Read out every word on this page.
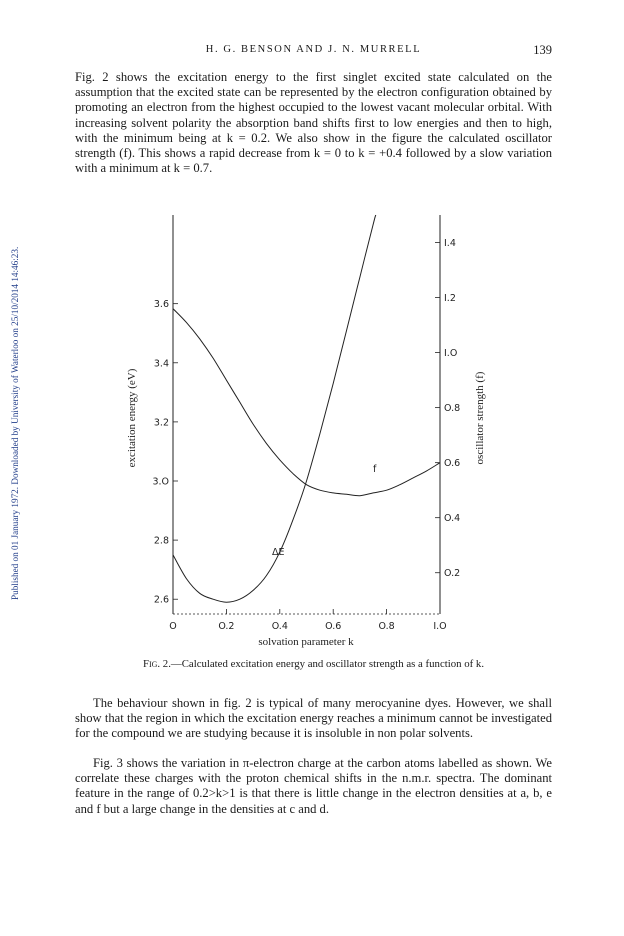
Published on 01 January 1972. Downloaded by University of Waterloo on 25/10/2014 14:46:23.
H. G. BENSON AND J. N. MURRELL	139

Fig. 2 shows the excitation energy to the first singlet excited state calculated on the assumption that the excited state can be represented by the electron configuration obtained by promoting an electron from the highest occupied to the lowest vacant molecular orbital. With increasing solvent polarity the absorption band shifts first to low energies and then to high, with the minimum being at k = 0.2. We also show in the figure the calculated oscillator strength (f). This shows a rapid decrease from k = 0 to k = +0.4 followed by a slow variation with a minimum at k = 0.7.

O	O.2	O.4	O.6	O.8	I.O
2.6
2.8
3.O
3.2
3.4
3.6
O.2
O.4
O.6
O.8
I.O
I.2
I.4
ΔE
f
solvation parameter k
excitation energy (eV)	oscillator strength (f)
Fig. 2.—Calculated excitation energy and oscillator strength as a function of k.

The behaviour shown in fig. 2 is typical of many merocyanine dyes. However, we shall show that the region in which the excitation energy reaches a minimum cannot be investigated for the compound we are studying because it is insoluble in non polar solvents.

Fig. 3 shows the variation in π-electron charge at the carbon atoms labelled as shown. We correlate these charges with the proton chemical shifts in the n.m.r. spectra. The dominant feature in the range of 0.2>k>1 is that there is little change in the electron densities at a, b, e and f but a large change in the densities at c and d.
